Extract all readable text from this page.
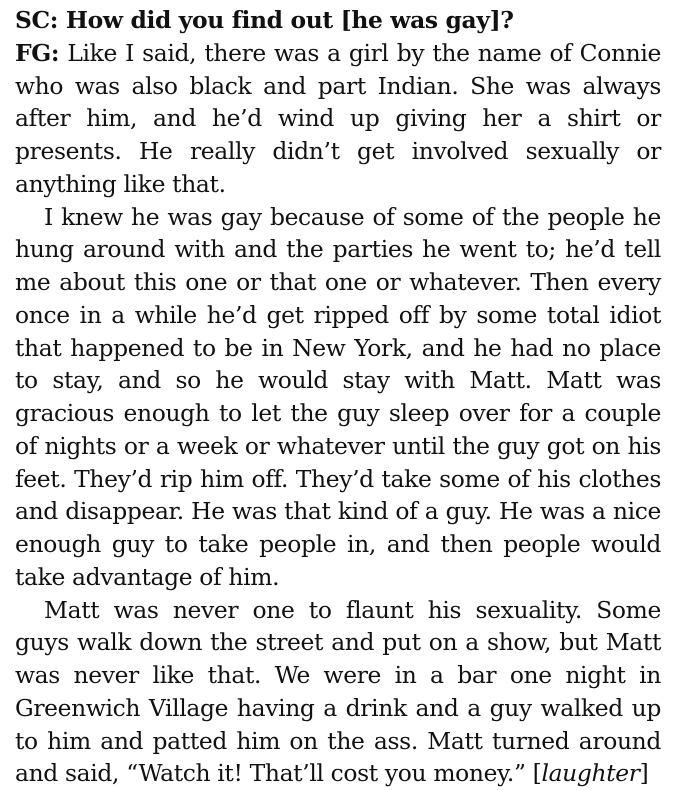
SC: How did you find out [he was gay]?

FG: Like I said, there was a girl by the name of Connie who was also black and part Indian. She was always after him, and he’d wind up giving her a shirt or presents. He really didn’t get involved sexually or anything like that.

I knew he was gay because of some of the people he hung around with and the parties he went to; he’d tell me about this one or that one or whatever. Then every once in a while he’d get ripped off by some total idiot that happened to be in New York, and he had no place to stay, and so he would stay with Matt. Matt was gracious enough to let the guy sleep over for a couple of nights or a week or whatever until the guy got on his feet. They’d rip him off. They’d take some of his clothes and disappear. He was that kind of a guy. He was a nice enough guy to take people in, and then people would take advantage of him.

Matt was never one to flaunt his sexuality. Some guys walk down the street and put on a show, but Matt was never like that. We were in a bar one night in Greenwich Village having a drink and a guy walked up to him and patted him on the ass. Matt turned around and said, “Watch it! That’ll cost you money.” [laughter]
